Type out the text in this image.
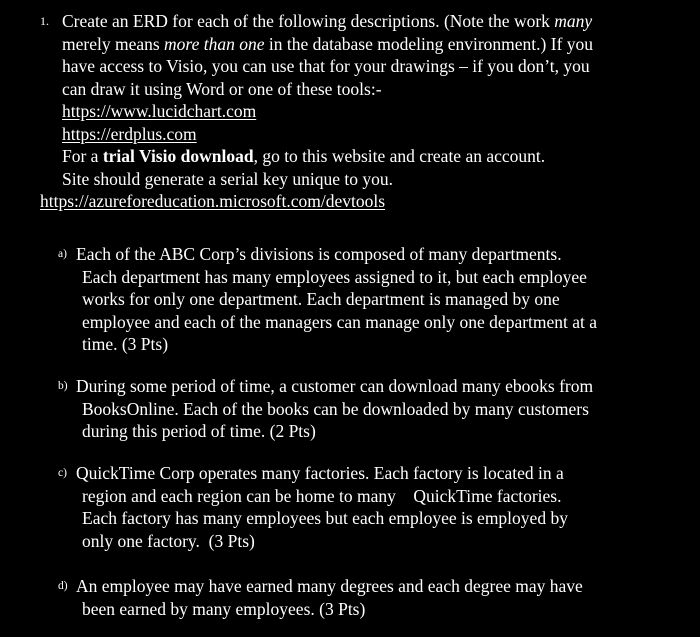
1. Create an ERD for each of the following descriptions. (Note the work many
merely means more than one in the database modeling environment.) If you
have access to Visio, you can use that for your drawings – if you don’t, you
can draw it using Word or one of these tools:-
https://www.lucidchart.com
https://erdplus.com
For a trial Visio download, go to this website and create an account.
Site should generate a serial key unique to you.
https://azureforeducation.microsoft.com/devtools
a) Each of the ABC Corp’s divisions is composed of many departments.
Each department has many employees assigned to it, but each employee
works for only one department. Each department is managed by one
employee and each of the managers can manage only one department at a
time. (3 Pts)
b) During some period of time, a customer can download many ebooks from
BooksOnline. Each of the books can be downloaded by many customers
during this period of time. (2 Pts)
c) QuickTime Corp operates many factories. Each factory is located in a
region and each region can be home to many    QuickTime factories.
Each factory has many employees but each employee is employed by
only one factory.  (3 Pts)
d) An employee may have earned many degrees and each degree may have
been earned by many employees. (3 Pts)
